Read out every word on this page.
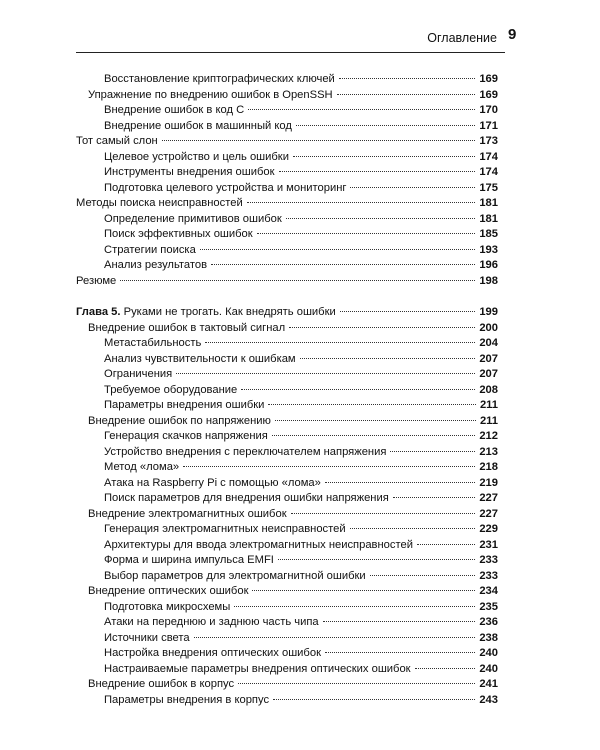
Оглавление 9
Восстановление криптографических ключей	169
Упражнение по внедрению ошибок в OpenSSH	169
Внедрение ошибок в код C	170
Внедрение ошибок в машинный код	171
Тот самый слон	173
Целевое устройство и цель ошибки	174
Инструменты внедрения ошибок	174
Подготовка целевого устройства и мониторинг	175
Методы поиска неисправностей	181
Определение примитивов ошибок	181
Поиск эффективных ошибок	185
Стратегии поиска	193
Анализ результатов	196
Резюме	198
Глава 5. Руками не трогать. Как внедрять ошибки	199
Внедрение ошибок в тактовый сигнал	200
Метастабильность	204
Анализ чувствительности к ошибкам	207
Ограничения	207
Требуемое оборудование	208
Параметры внедрения ошибки	211
Внедрение ошибок по напряжению	211
Генерация скачков напряжения	212
Устройство внедрения с переключателем напряжения	213
Метод «лома»	218
Атака на Raspberry Pi с помощью «лома»	219
Поиск параметров для внедрения ошибки напряжения	227
Внедрение электромагнитных ошибок	227
Генерация электромагнитных неисправностей	229
Архитектуры для ввода электромагнитных неисправностей	231
Форма и ширина импульса EMFI	233
Выбор параметров для электромагнитной ошибки	233
Внедрение оптических ошибок	234
Подготовка микросхемы	235
Атаки на переднюю и заднюю часть чипа	236
Источники света	238
Настройка внедрения оптических ошибок	240
Настраиваемые параметры внедрения оптических ошибок	240
Внедрение ошибок в корпус	241
Параметры внедрения в корпус	243
